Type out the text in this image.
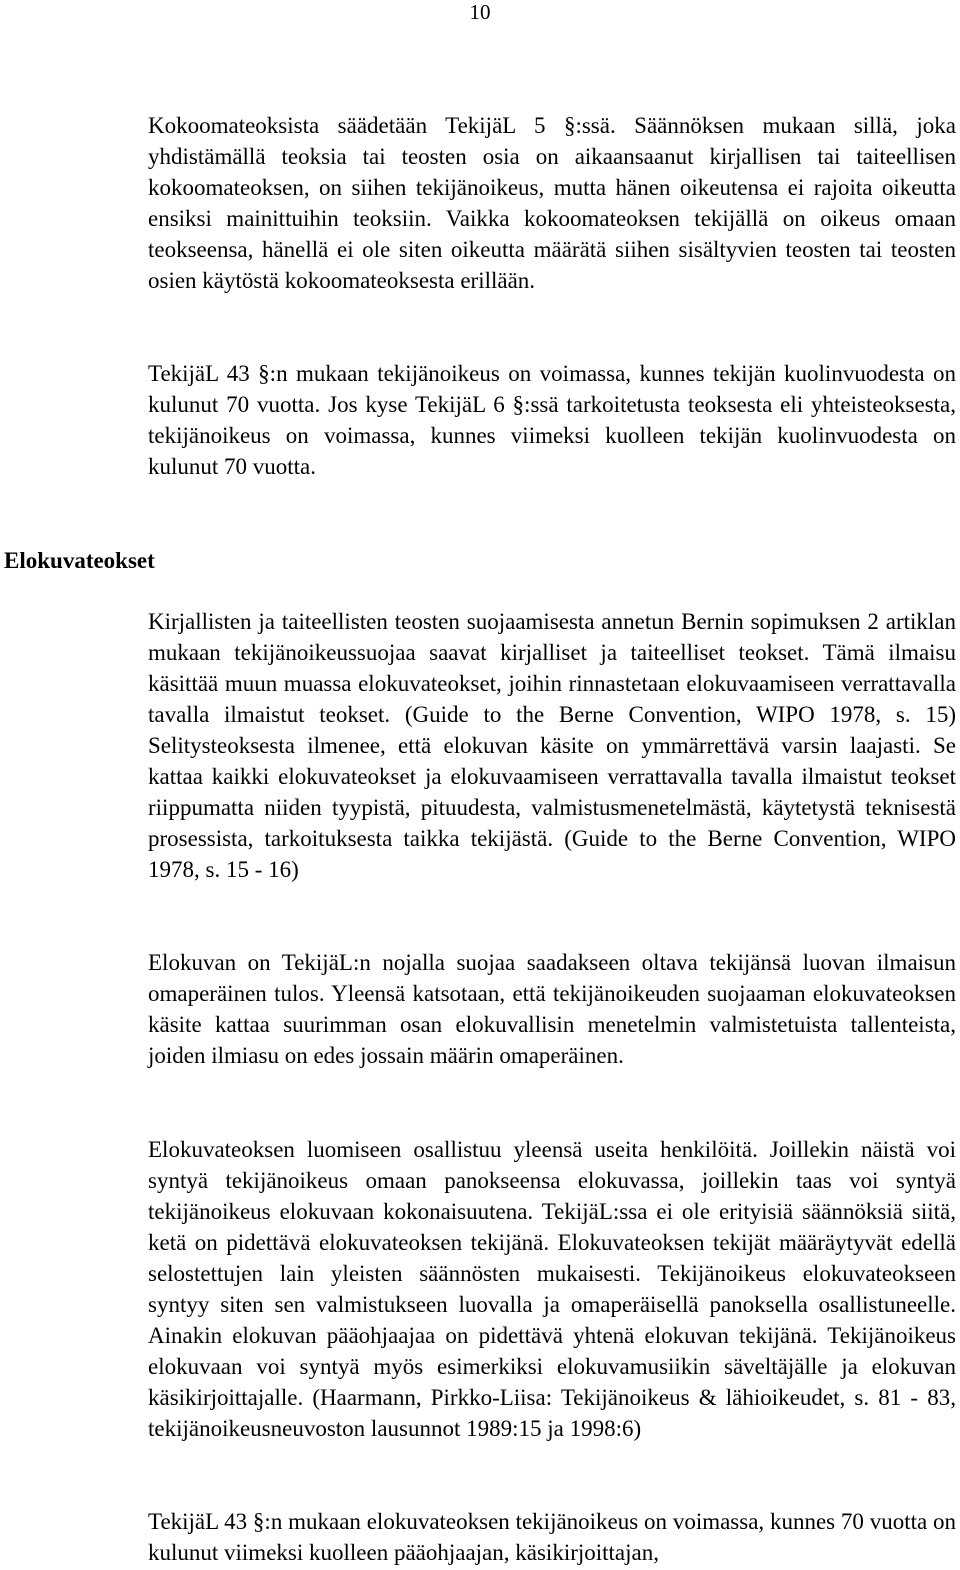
10

Kokoomateoksista säädetään TekijäL 5 §:ssä. Säännöksen mukaan sillä, joka yhdistämällä teoksia tai teosten osia on aikaansaanut kirjallisen tai taiteellisen kokoomateoksen, on siihen tekijänoikeus, mutta hänen oikeutensa ei rajoita oikeutta ensiksi mainittuihin teoksiin. Vaikka kokoomateoksen tekijällä on oikeus omaan teokseensa, hänellä ei ole siten oikeutta määrätä siihen sisältyvien teosten tai teosten osien käytöstä kokoomateoksesta erillään.

TekijäL 43 §:n mukaan tekijänoikeus on voimassa, kunnes tekijän kuolinvuodesta on kulunut 70 vuotta. Jos kyse TekijäL 6 §:ssä tarkoitetusta teoksesta eli yhteisteoksesta, tekijänoikeus on voimassa, kunnes viimeksi kuolleen tekijän kuolinvuodesta on kulunut 70 vuotta.

Elokuvateokset

Kirjallisten ja taiteellisten teosten suojaamisesta annetun Bernin sopimuksen 2 artiklan mukaan tekijänoikeussuojaa saavat kirjalliset ja taiteelliset teokset. Tämä ilmaisu käsittää muun muassa elokuvateokset, joihin rinnastetaan elokuvaamiseen verrattavalla tavalla ilmaistut teokset. (Guide to the Berne Convention, WIPO 1978, s. 15) Selitysteoksesta ilmenee, että elokuvan käsite on ymmärrettävä varsin laajasti. Se kattaa kaikki elokuvateokset ja elokuvaamiseen verrattavalla tavalla ilmaistut teokset riippumatta niiden tyypistä, pituudesta, valmistusmenetelmästä, käytetystä teknisestä prosessista, tarkoituksesta taikka tekijästä. (Guide to the Berne Convention, WIPO 1978, s. 15 - 16)

Elokuvan on TekijäL:n nojalla suojaa saadakseen oltava tekijänsä luovan ilmaisun omaperäinen tulos. Yleensä katsotaan, että tekijänoikeuden suojaaman elokuvateoksen käsite kattaa suurimman osan elokuvallisin menetelmin valmistetuista tallenteista, joiden ilmiasu on edes jossain määrin omaperäinen.

Elokuvateoksen luomiseen osallistuu yleensä useita henkilöitä. Joillekin näistä voi syntyä tekijänoikeus omaan panokseensa elokuvassa, joillekin taas voi syntyä tekijänoikeus elokuvaan kokonaisuutena. TekijäL:ssa ei ole erityisiä säännöksiä siitä, ketä on pidettävä elokuvateoksen tekijänä. Elokuvateoksen tekijät määräytyvät edellä selostettujen lain yleisten säännösten mukaisesti. Tekijänoikeus elokuvateokseen syntyy siten sen valmistukseen luovalla ja omaperäisellä panoksella osallistuneelle. Ainakin elokuvan pääohjaajaa on pidettävä yhtenä elokuvan tekijänä. Tekijänoikeus elokuvaan voi syntyä myös esimerkiksi elokuvamusiikin säveltäjälle ja elokuvan käsikirjoittajalle. (Haarmann, Pirkko-Liisa: Tekijänoikeus & lähioikeudet, s. 81 - 83, tekijänoikeusneuvoston lausunnot 1989:15 ja 1998:6)

TekijäL 43 §:n mukaan elokuvateoksen tekijänoikeus on voimassa, kunnes 70 vuotta on kulunut viimeksi kuolleen pääohjaajan, käsikirjoittajan,
